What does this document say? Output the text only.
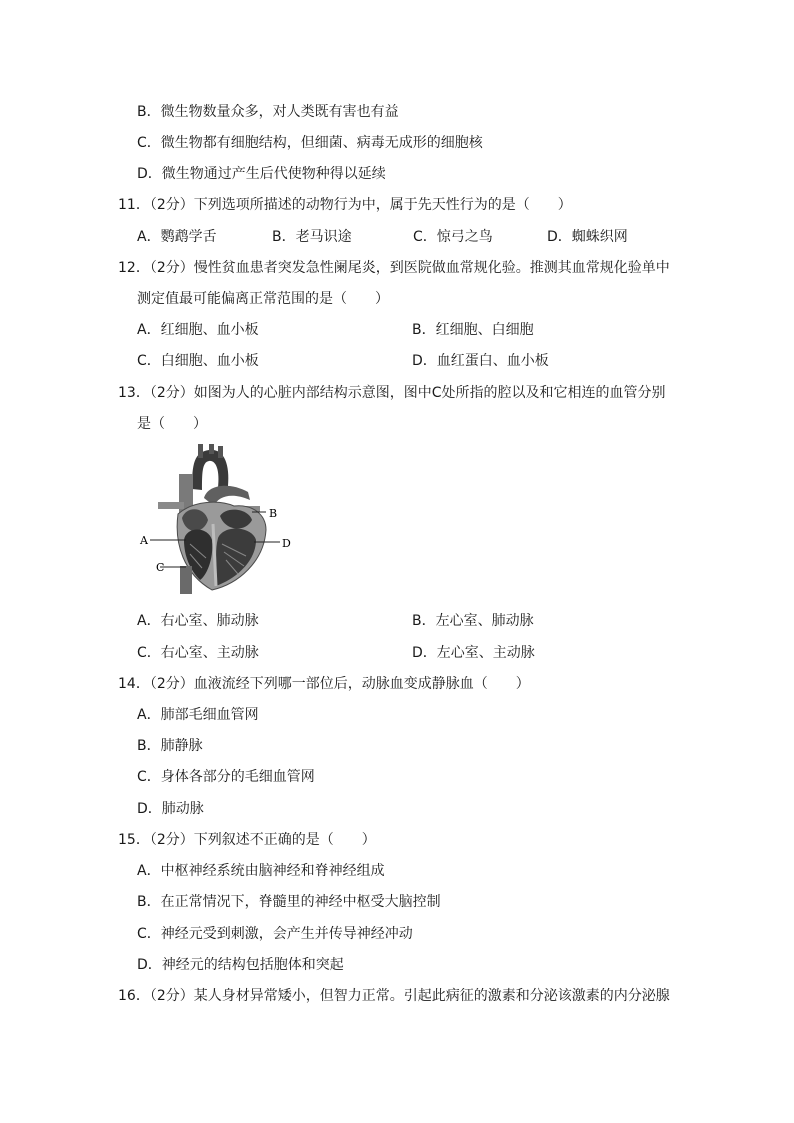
B．微生物数量众多，对人类既有害也有益
C．微生物都有细胞结构，但细菌、病毒无成形的细胞核
D．微生物通过产生后代使物种得以延续
11．（2分）下列选项所描述的动物行为中，属于先天性行为的是（　　）
A．鹦鹉学舌	B．老马识途	C．惊弓之鸟	D．蜘蛛织网
12．（2分）慢性贫血患者突发急性阑尾炎，到医院做血常规化验。推测其血常规化验单中
测定值最可能偏离正常范围的是（　　）
A．红细胞、血小板	B．红细胞、白细胞
C．白细胞、血小板	D．血红蛋白、血小板
13．（2分）如图为人的心脏内部结构示意图，图中C处所指的腔以及和它相连的血管分别
是（　　）
A
C
B
D
A．右心室、肺动脉	B．左心室、肺动脉
C．右心室、主动脉	D．左心室、主动脉
14．（2分）血液流经下列哪一部位后，动脉血变成静脉血（　　）
A．肺部毛细血管网
B．肺静脉
C．身体各部分的毛细血管网
D．肺动脉
15．（2分）下列叙述不正确的是（　　）
A．中枢神经系统由脑神经和脊神经组成
B．在正常情况下，脊髓里的神经中枢受大脑控制
C．神经元受到刺激，会产生并传导神经冲动
D．神经元的结构包括胞体和突起
16．（2分）某人身材异常矮小，但智力正常。引起此病征的激素和分泌该激素的内分泌腺
